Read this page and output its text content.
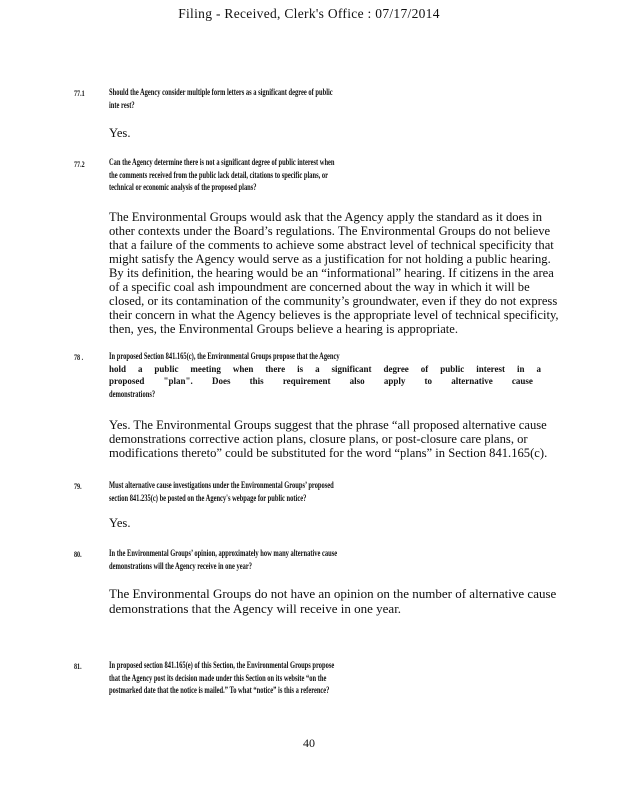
Filing - Received, Clerk's Office : 07/17/2014
77.1	Should the Agency consider multiple form letters as a significant degree of public
inte rest?
Yes.
77.2	Can the Agency determine there is not a significant degree of public interest when
the comments received from the public lack detail, citations to specific plans, or
technical or economic analysis of the proposed plans?
The Environmental Groups would ask that the Agency apply the standard as it does in
other contexts under the Board’s regulations. The Environmental Groups do not believe
that a failure of the comments to achieve some abstract level of technical specificity that
might satisfy the Agency would serve as a justification for not holding a public hearing.
By its definition, the hearing would be an “informational” hearing. If citizens in the area
of a specific coal ash impoundment are concerned about the way in which it will be
closed, or its contamination of the community’s groundwater, even if they do not express
their concern in what the Agency believes is the appropriate level of technical specificity,
then, yes, the Environmental Groups believe a hearing is appropriate.
78 .	In proposed Section 841.165(c), the Environmental Groups propose that the Agency
hold a public meeting when there is a significant degree of public interest in a
proposed "plan". Does this requirement also apply to alternative cause
demonstrations?
Yes. The Environmental Groups suggest that the phrase “all proposed alternative cause
demonstrations corrective action plans, closure plans, or post-closure care plans, or
modifications thereto” could be substituted for the word “plans” in Section 841.165(c).
79.	Must alternative cause investigations under the Environmental Groups’ proposed
section 841.235(c) be posted on the Agency's webpage for public notice?
Yes.
80.	In the Environmental Groups’ opinion, approximately how many alternative cause
demonstrations will the Agency receive in one year?
The Environmental Groups do not have an opinion on the number of alternative cause
demonstrations that the Agency will receive in one year.
81.	In proposed section 841.165(e) of this Section, the Environmental Groups propose
that the Agency post its decision made under this Section on its website “on the
postmarked date that the notice is mailed.” To what “notice” is this a reference?
40
